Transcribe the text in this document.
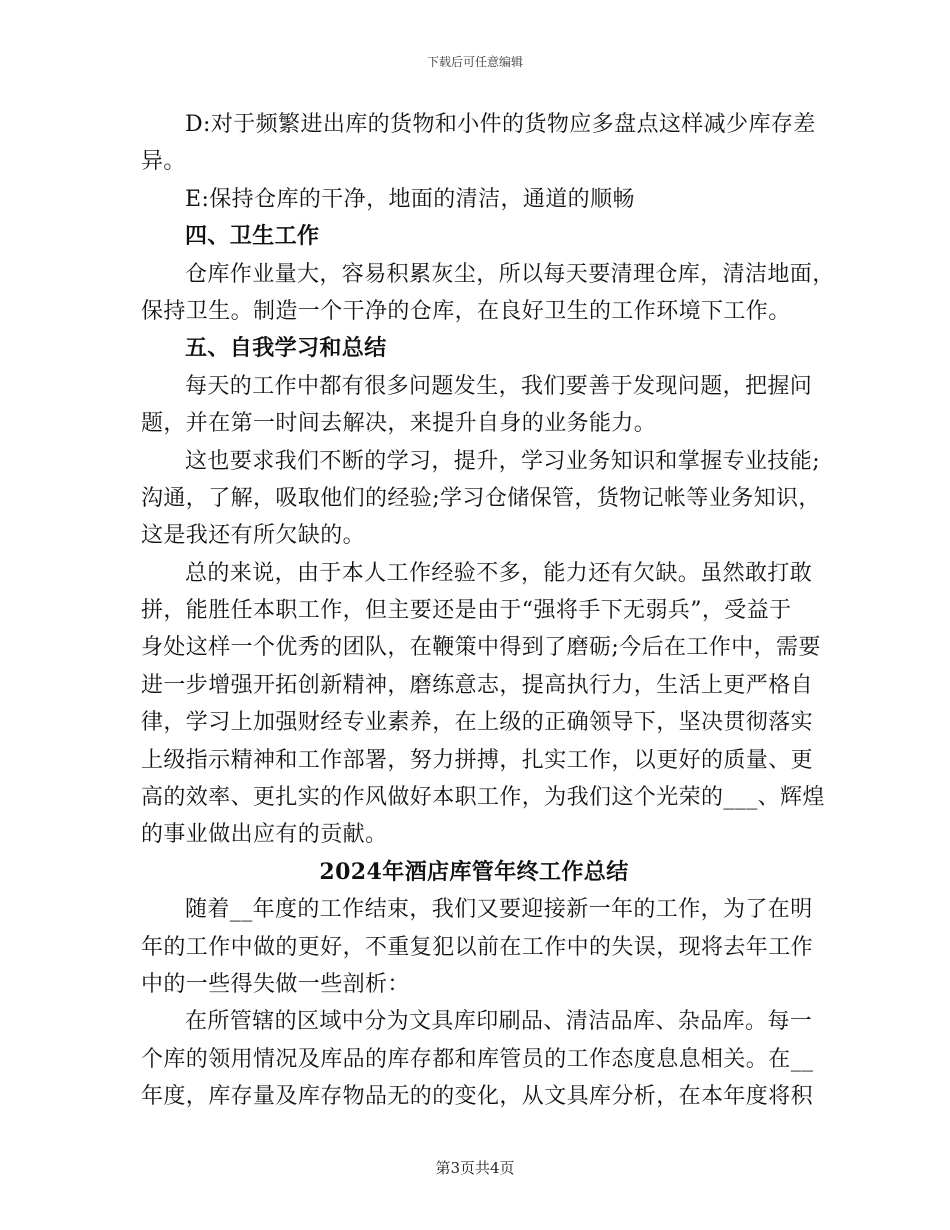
下载后可任意编辑
D:对于频繁进出库的货物和小件的货物应多盘点这样减少库存差
异。
E:保持仓库的干净，地面的清洁，通道的顺畅
四、卫生工作
仓库作业量大，容易积累灰尘，所以每天要清理仓库，清洁地面，
保持卫生。制造一个干净的仓库，在良好卫生的工作环境下工作。
五、自我学习和总结
每天的工作中都有很多问题发生，我们要善于发现问题，把握问
题，并在第一时间去解决，来提升自身的业务能力。
这也要求我们不断的学习，提升，学习业务知识和掌握专业技能;
沟通，了解，吸取他们的经验;学习仓储保管，货物记帐等业务知识，
这是我还有所欠缺的。
总的来说，由于本人工作经验不多，能力还有欠缺。虽然敢打敢
拼，能胜任本职工作，但主要还是由于“强将手下无弱兵”，受益于
身处这样一个优秀的团队，在鞭策中得到了磨砺;今后在工作中，需要
进一步增强开拓创新精神，磨练意志，提高执行力，生活上更严格自
律，学习上加强财经专业素养，在上级的正确领导下，坚决贯彻落实
上级指示精神和工作部署，努力拼搏，扎实工作，以更好的质量、更
高的效率、更扎实的作风做好本职工作，为我们这个光荣的___、辉煌
的事业做出应有的贡献。
2024年酒店库管年终工作总结
随着__年度的工作结束，我们又要迎接新一年的工作，为了在明
年的工作中做的更好，不重复犯以前在工作中的失误，现将去年工作
中的一些得失做一些剖析：
在所管辖的区域中分为文具库印刷品、清洁品库、杂品库。每一
个库的领用情况及库品的库存都和库管员的工作态度息息相关。在__
年度，库存量及库存物品无的的变化，从文具库分析，在本年度将积
第3页共4页
